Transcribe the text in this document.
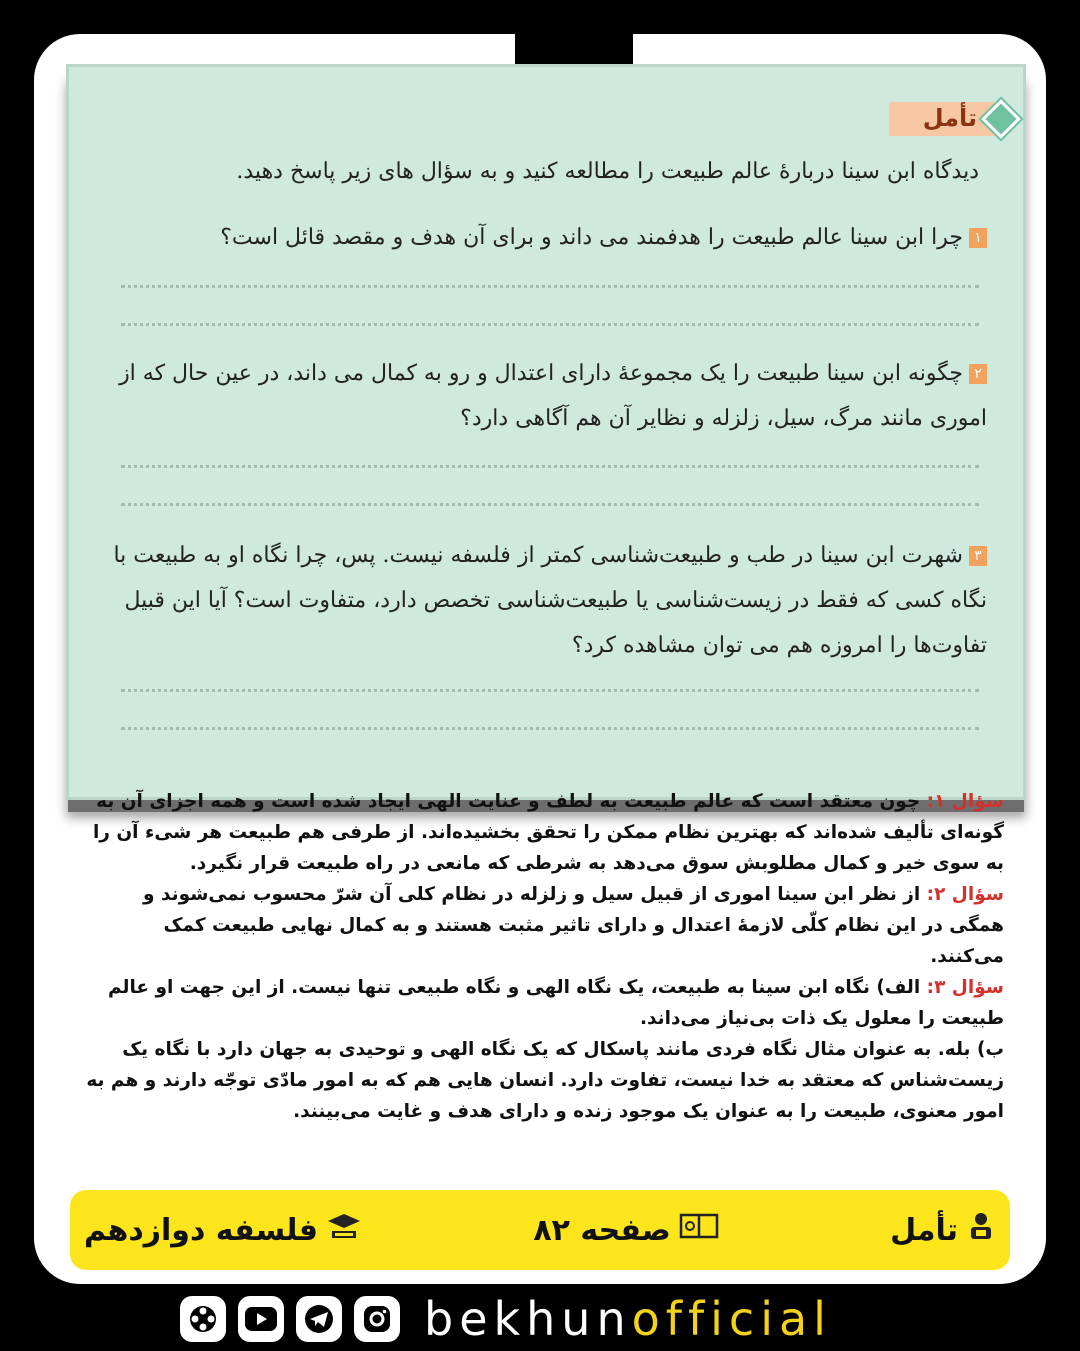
تأمل
دیدگاه ابن سینا دربارۀ عالم طبیعت را مطالعه کنید و به سؤال های زیر پاسخ دهید.
۱چرا ابن سینا عالم طبیعت را هدفمند می داند و برای آن هدف و مقصد قائل است؟
۲چگونه ابن سینا طبیعت را یک مجموعۀ دارای اعتدال و رو به کمال می داند، در عین حال که از اموری مانند مرگ، سیل، زلزله و نظایر آن هم آگاهی دارد؟
۳شهرت ابن سینا در طب و طبیعت‌شناسی کمتر از فلسفه نیست. پس، چرا نگاه او به طبیعت با نگاه کسی که فقط در زیست‌شناسی یا طبیعت‌شناسی تخصص دارد، متفاوت است؟ آیا این قبیل تفاوت‌ها را امروزه هم می توان مشاهده کرد؟

سؤال ۱: چون معتقد است که عالم طبیعت به لطف و عنایت الهی ایجاد شده است و همه اجزای آن به گونه‌ای تألیف شده‌اند که بهترین نظام ممکن را تحقق بخشیده‌اند. از طرفی هم طبیعت هر شیء آن را به سوی خیر و کمال مطلوبش سوق می‌دهد به شرطی که مانعی در راه طبیعت قرار نگیرد.

سؤال ۲: از نظر ابن سینا اموری از قبیل سیل و زلزله در نظام کلی آن شرّ محسوب نمی‌شوند و همگی در این نظام کلّی لازمۀ اعتدال و دارای تاثیر مثبت هستند و به کمال نهایی طبیعت کمک می‌کنند.

سؤال ۳: الف) نگاه ابن سینا به طبیعت، یک نگاه الهی و نگاه طبیعی تنها نیست. از این جهت او عالم طبیعت را معلول یک ذات بی‌نیاز می‌داند.

ب) بله. به عنوان مثال نگاه فردی مانند پاسکال که یک نگاه الهی و توحیدی به جهان دارد با نگاه یک زیست‌شناس که معتقد به خدا نیست، تفاوت دارد. انسان هایی هم که به امور مادّی توجّه دارند و هم به امور معنوی، طبیعت را به عنوان یک موجود زنده و دارای هدف و غایت می‌بینند.

تأمل
صفحه ۸۲
فلسفه دوازدهم
bekhunofficial
